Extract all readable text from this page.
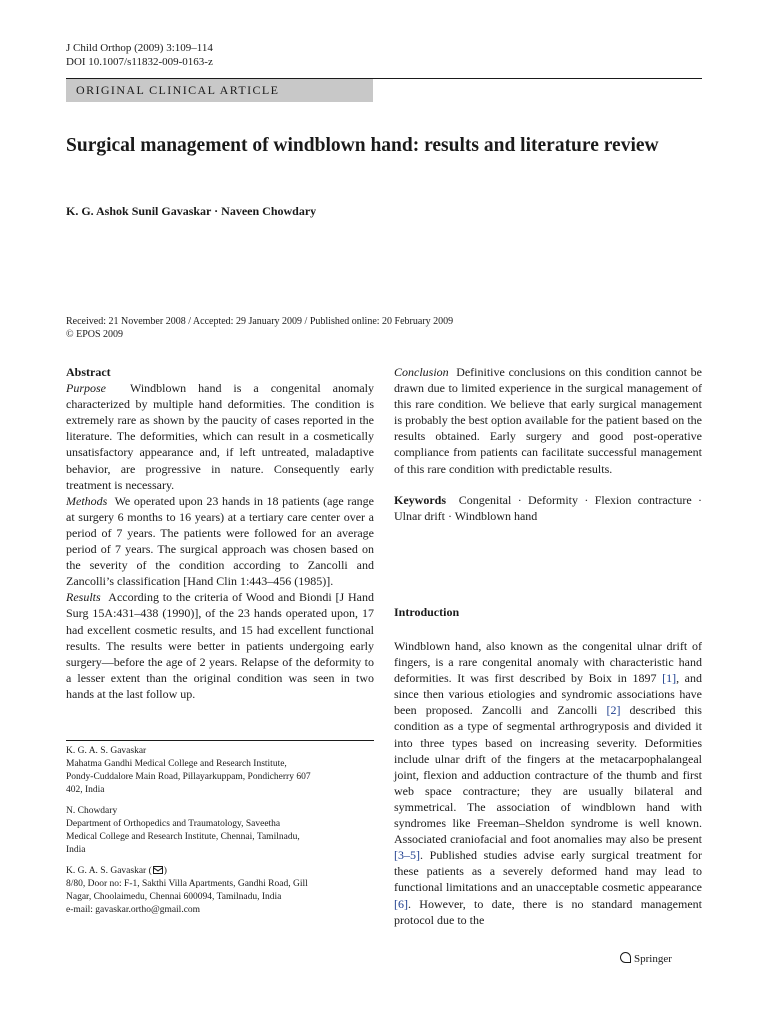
J Child Orthop (2009) 3:109–114
DOI 10.1007/s11832-009-0163-z
ORIGINAL CLINICAL ARTICLE
Surgical management of windblown hand: results and literature review
K. G. Ashok Sunil Gavaskar · Naveen Chowdary
Received: 21 November 2008 / Accepted: 29 January 2009 / Published online: 20 February 2009
© EPOS 2009
Abstract
Purpose Windblown hand is a congenital anomaly characterized by multiple hand deformities. The condition is extremely rare as shown by the paucity of cases reported in the literature. The deformities, which can result in a cosmetically unsatisfactory appearance and, if left untreated, maladaptive behavior, are progressive in nature. Consequently early treatment is necessary.
Methods We operated upon 23 hands in 18 patients (age range at surgery 6 months to 16 years) at a tertiary care center over a period of 7 years. The patients were followed for an average period of 7 years. The surgical approach was chosen based on the severity of the condition according to Zancolli and Zancolli’s classification [Hand Clin 1:443–456 (1985)].
Results According to the criteria of Wood and Biondi [J Hand Surg 15A:431–438 (1990)], of the 23 hands operated upon, 17 had excellent cosmetic results, and 15 had excellent functional results. The results were better in patients undergoing early surgery—before the age of 2 years. Relapse of the deformity to a lesser extent than the original condition was seen in two hands at the last follow up.
Conclusion Definitive conclusions on this condition cannot be drawn due to limited experience in the surgical management of this rare condition. We believe that early surgical management is probably the best option available for the patient based on the results obtained. Early surgery and good post-operative compliance from patients can facilitate successful management of this rare condition with predictable results.
Keywords Congenital · Deformity · Flexion contracture · Ulnar drift · Windblown hand
Introduction
Windblown hand, also known as the congenital ulnar drift of fingers, is a rare congenital anomaly with characteristic hand deformities. It was first described by Boix in 1897 [1], and since then various etiologies and syndromic associations have been proposed. Zancolli and Zancolli [2] described this condition as a type of segmental arthrogryposis and divided it into three types based on increasing severity. Deformities include ulnar drift of the fingers at the metacarpophalangeal joint, flexion and adduction contracture of the thumb and first web space contracture; they are usually bilateral and symmetrical. The association of windblown hand with syndromes like Freeman–Sheldon syndrome is well known. Associated craniofacial and foot anomalies may also be present [3–5]. Published studies advise early surgical treatment for these patients as a severely deformed hand may lead to functional limitations and an unacceptable cosmetic appearance [6]. However, to date, there is no standard management protocol due to the
K. G. A. S. Gavaskar
Mahatma Gandhi Medical College and Research Institute,
Pondy-Cuddalore Main Road, Pillayarkuppam, Pondicherry 607
402, India
N. Chowdary
Department of Orthopedics and Traumatology, Saveetha
Medical College and Research Institute, Chennai, Tamilnadu,
India
K. G. A. S. Gavaskar ( )
8/80, Door no: F-1, Sakthi Villa Apartments, Gandhi Road, Gill
Nagar, Choolaimedu, Chennai 600094, Tamilnadu, India
e-mail: gavaskar.ortho@gmail.com
Springer
